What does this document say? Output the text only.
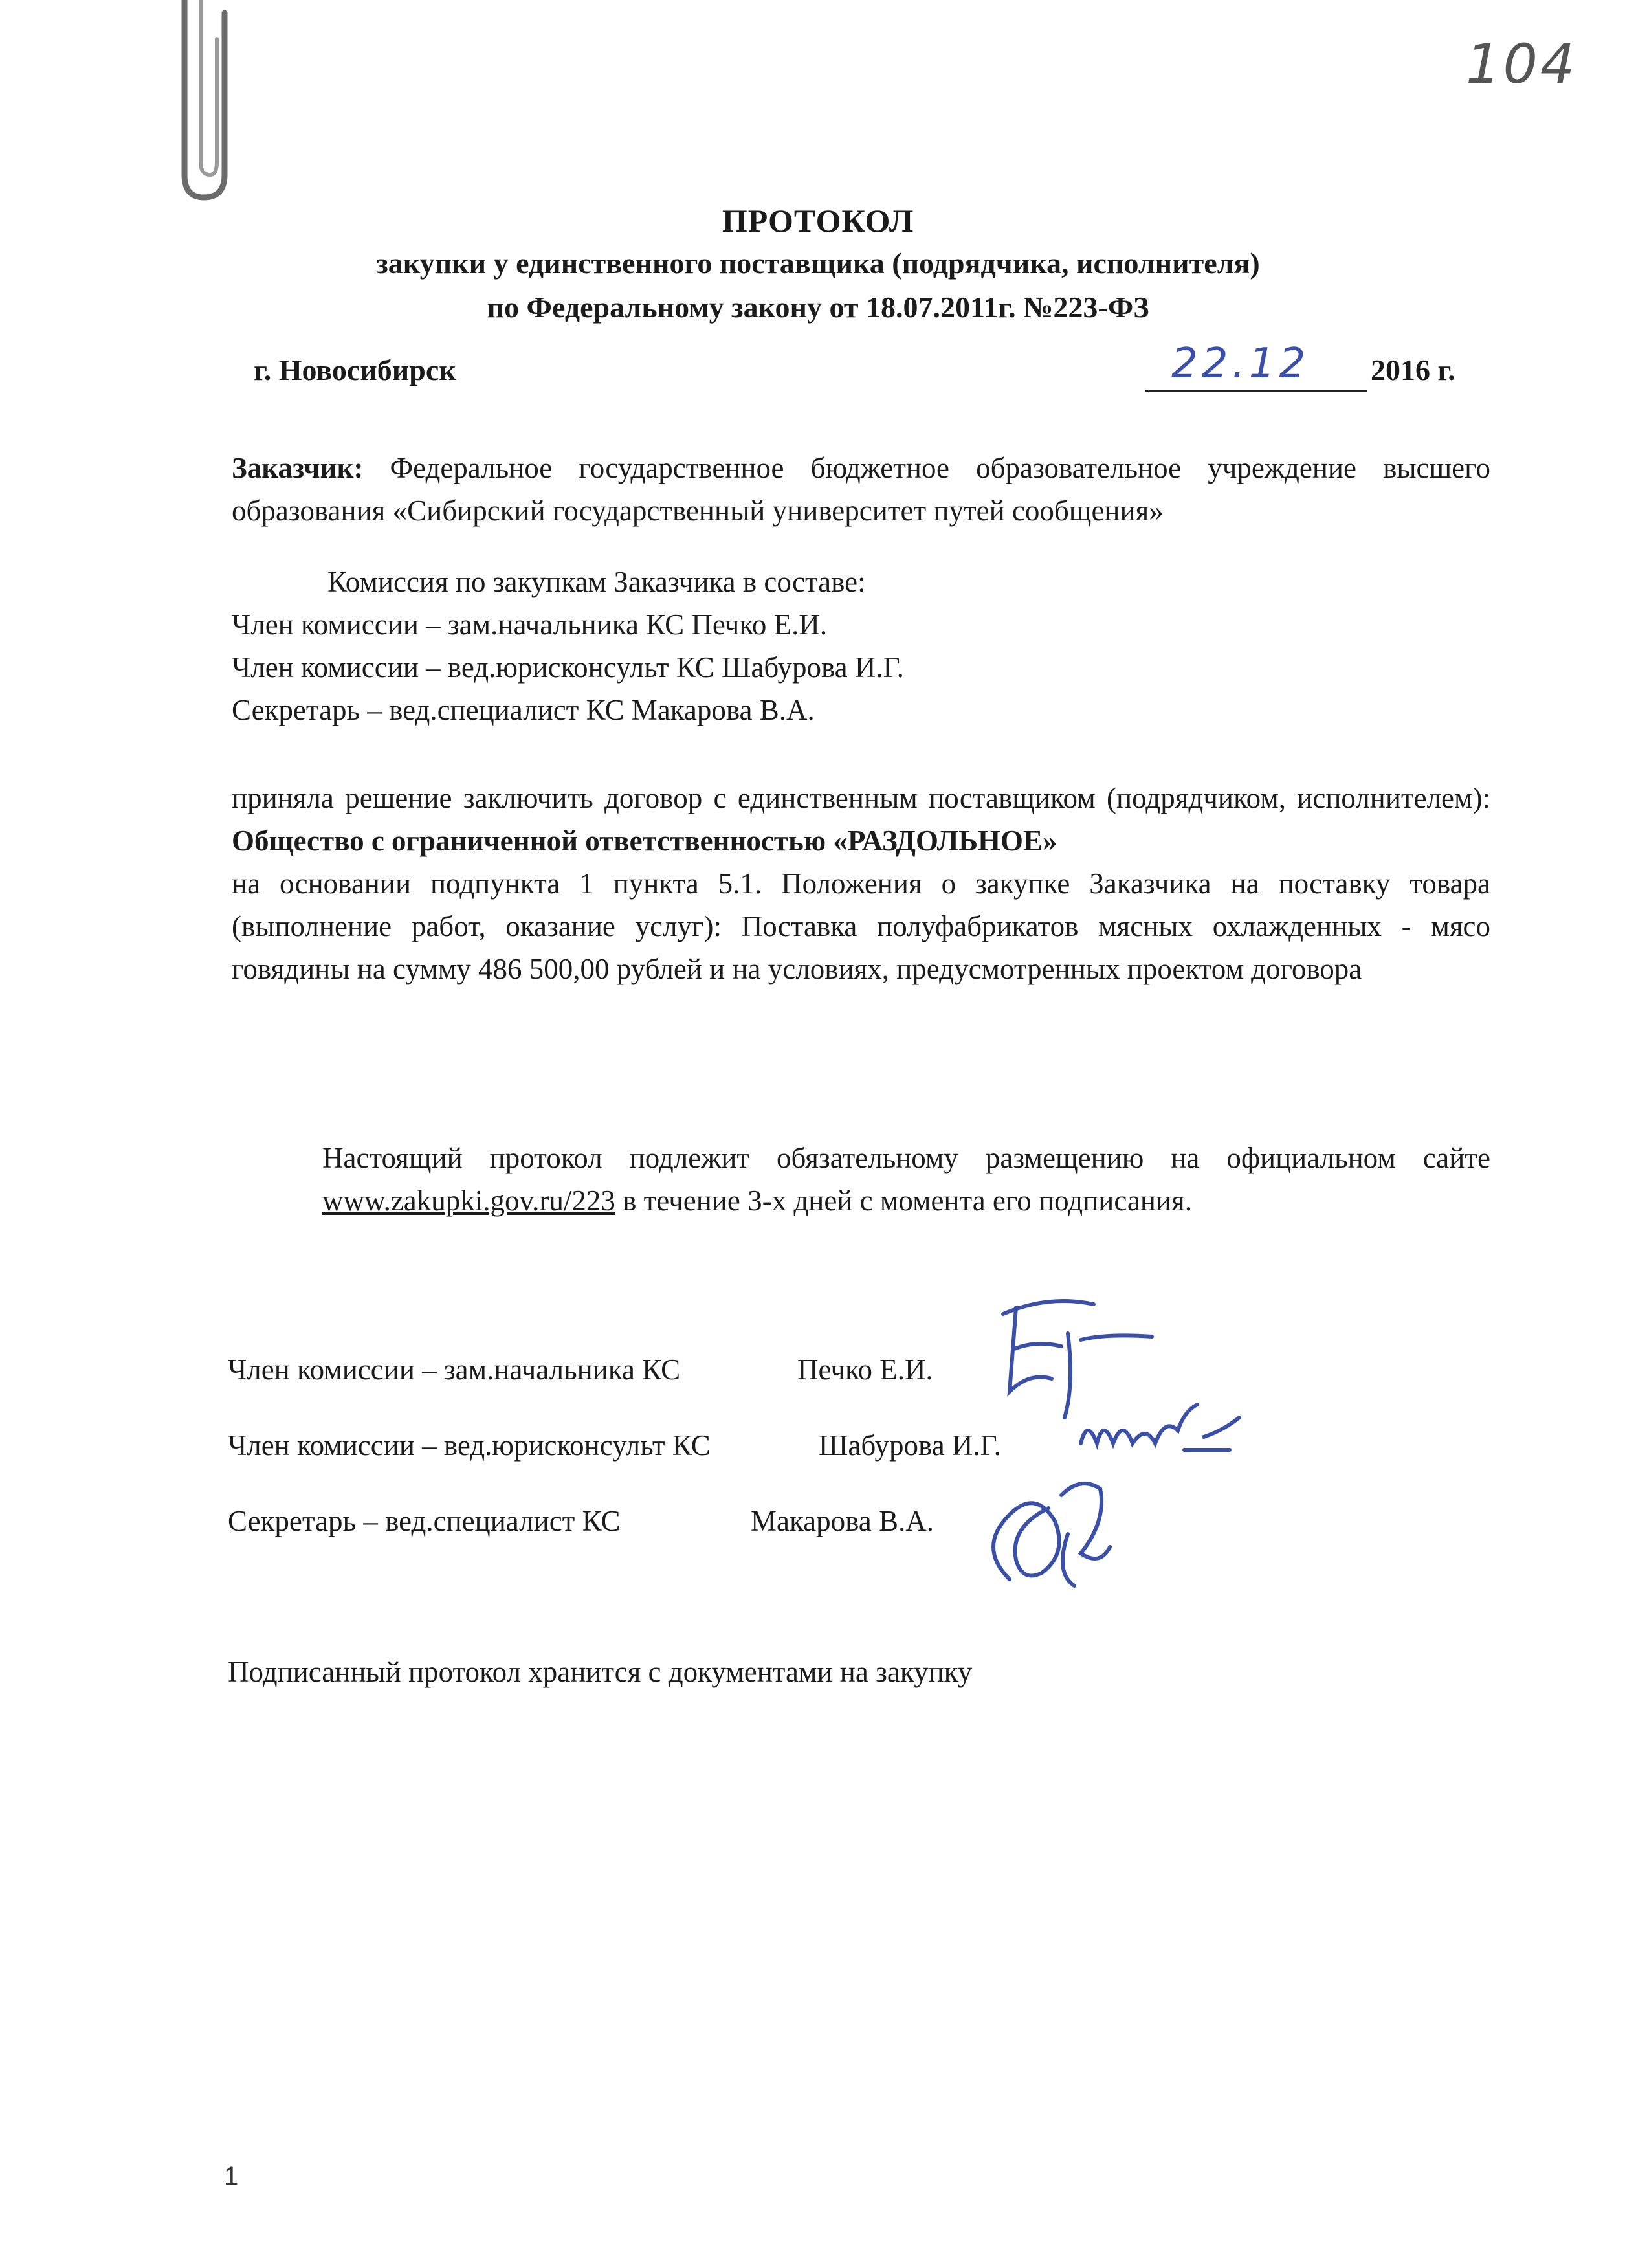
104
ПРОТОКОЛ
закупки у единственного поставщика (подрядчика, исполнителя)
по Федеральному закону от 18.07.2011г. №223-ФЗ
г. Новосибирск	22.12 2016 г.
Заказчик: Федеральное государственное бюджетное образовательное учреждение высшего образования «Сибирский государственный университет путей сообщения»
Комиссия по закупкам Заказчика в составе:
Член комиссии – зам.начальника КС Печко Е.И.
Член комиссии – вед.юрисконсульт КС Шабурова И.Г.
Секретарь – вед.специалист КС Макарова В.А.
приняла решение заключить договор с единственным поставщиком (подрядчиком, исполнителем): Общество с ограниченной ответственностью «РАЗДОЛЬНОЕ»
на основании подпункта 1 пункта 5.1. Положения о закупке Заказчика на поставку товара (выполнение работ, оказание услуг): Поставка полуфабрикатов мясных охлажденных - мясо говядины на сумму 486 500,00 рублей и на условиях, предусмотренных проектом договора
Настоящий протокол подлежит обязательному размещению на официальном сайте www.zakupki.gov.ru/223 в течение 3-х дней с момента его подписания.
Член комиссии – зам.начальника КС	Печко Е.И.
Член комиссии – вед.юрисконсульт КС	Шабурова И.Г.
Секретарь – вед.специалист КС	Макарова В.А.
Подписанный протокол хранится с документами на закупку
1
